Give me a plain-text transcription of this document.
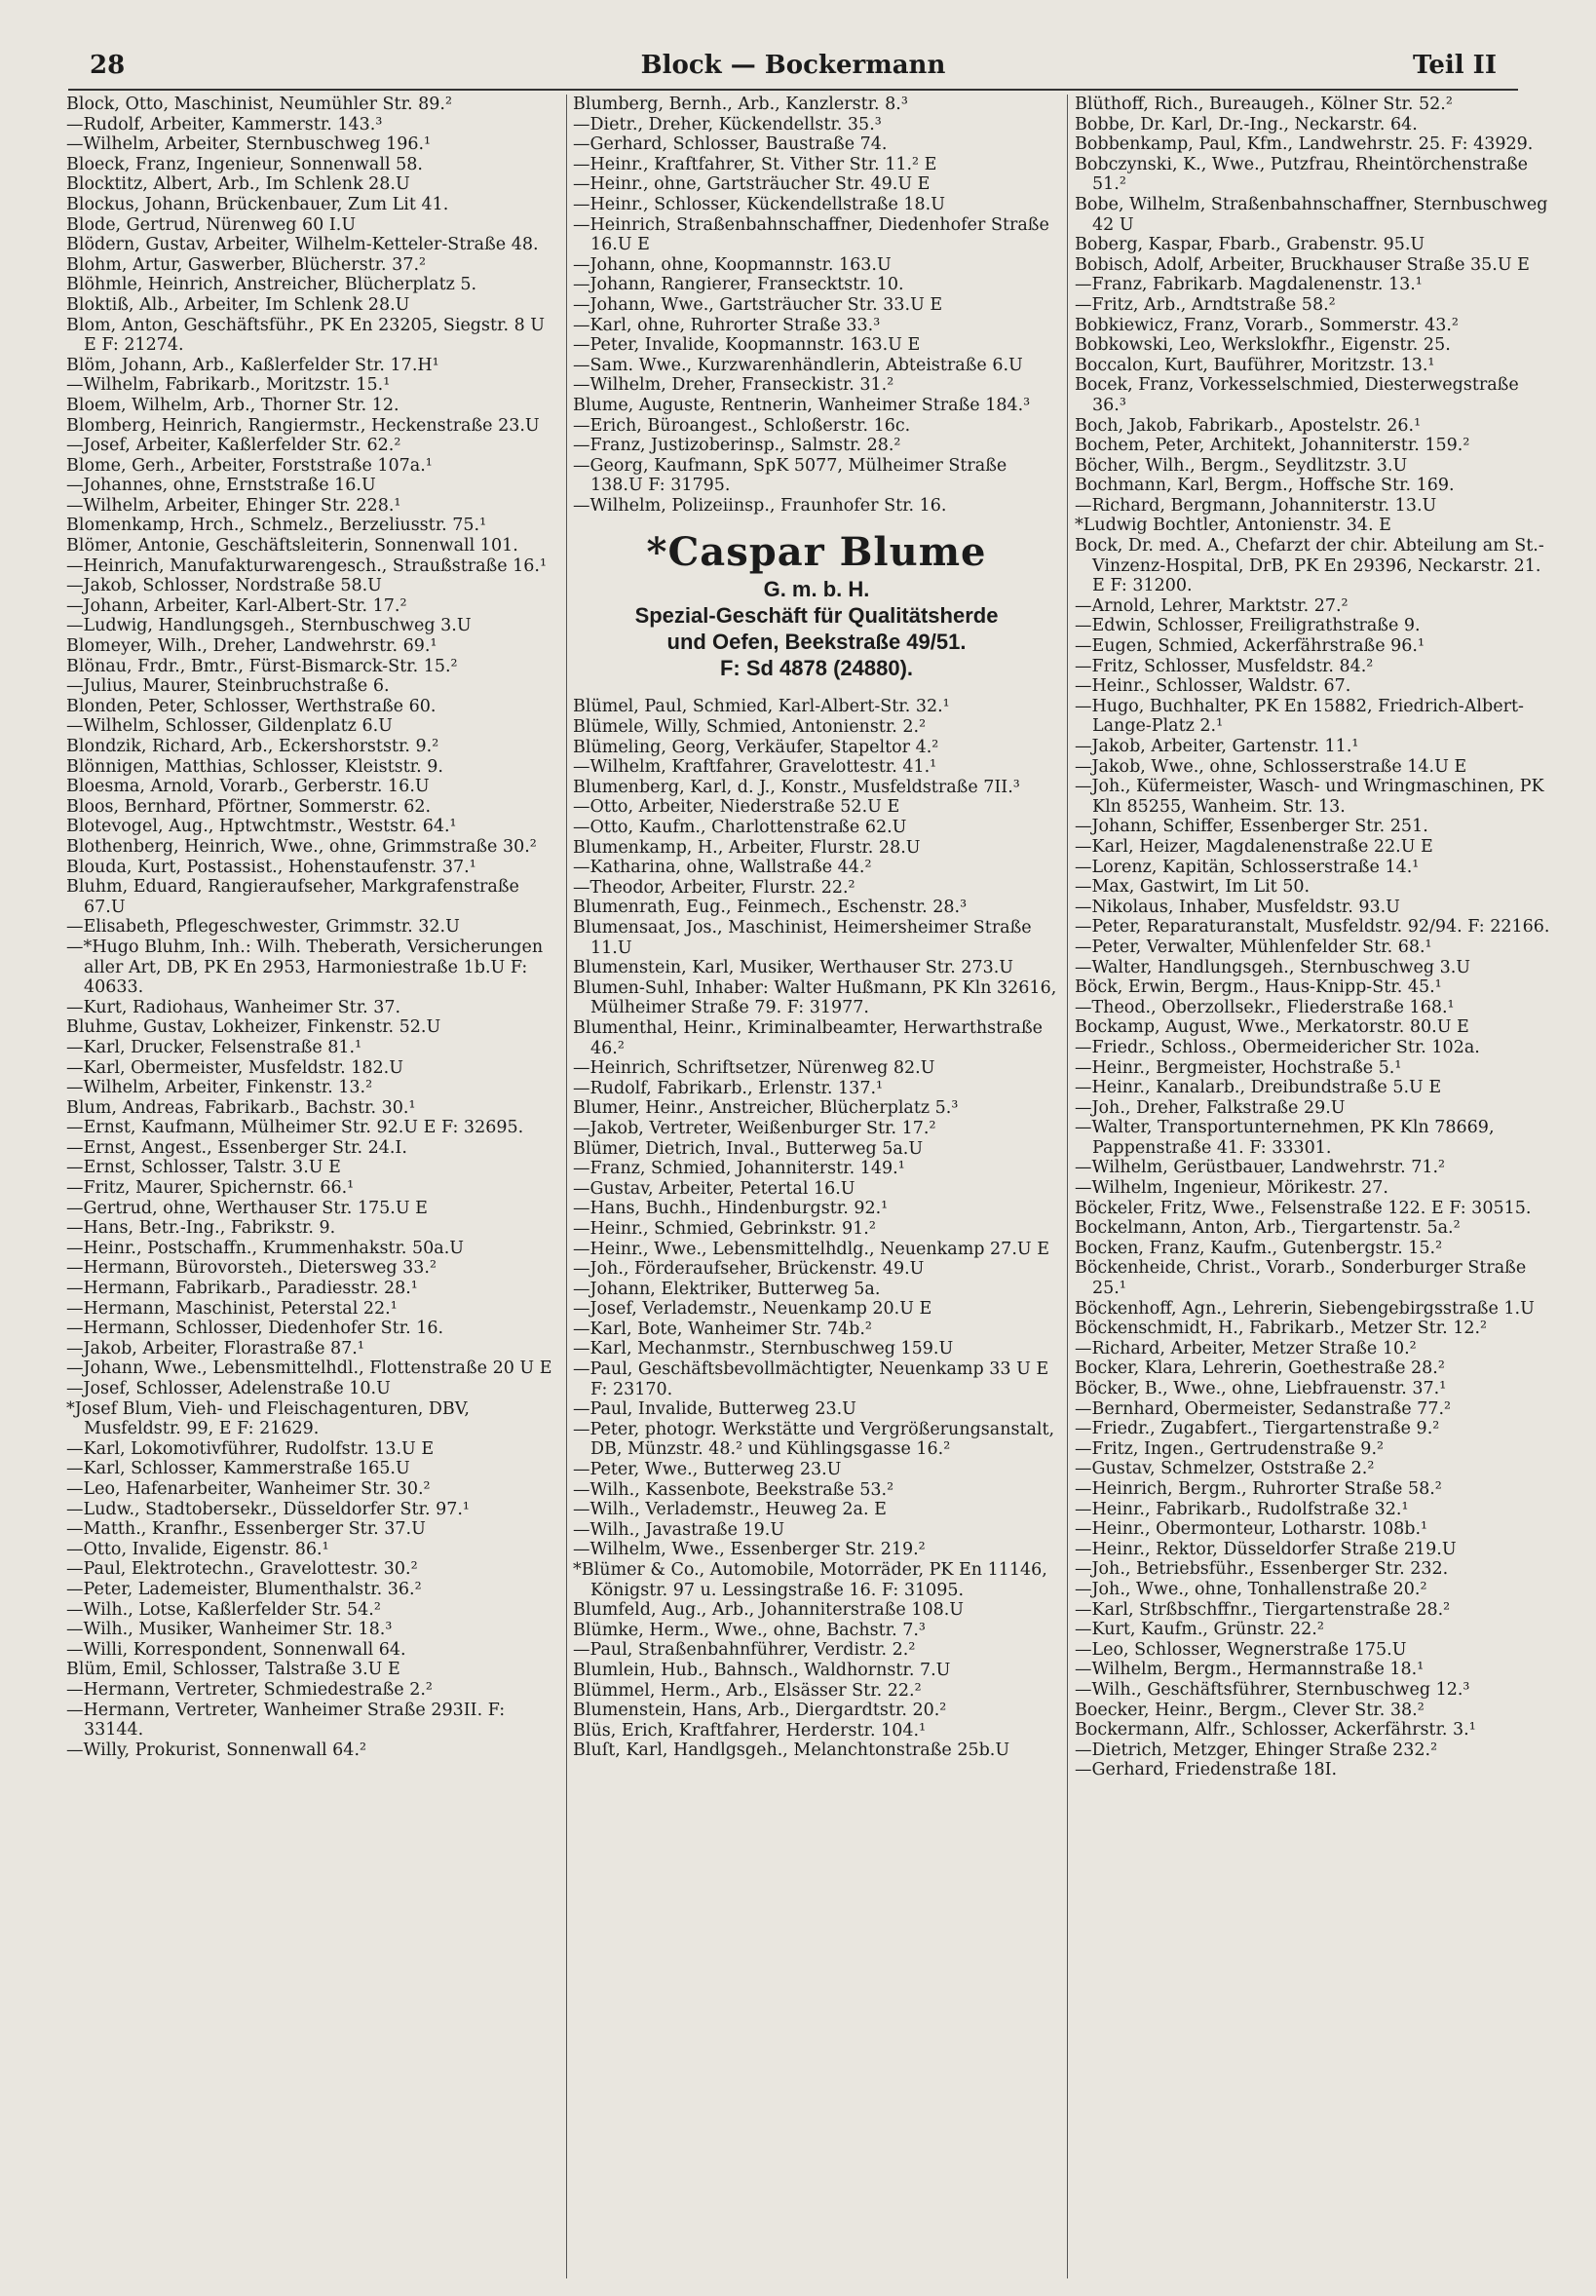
28	Block — Bockermann	Teil II

Block, Otto, Maschinist, Neumühler Str. 89.²

—Rudolf, Arbeiter, Kammerstr. 143.³

—Wilhelm, Arbeiter, Sternbuschweg 196.¹

Bloeck, Franz, Ingenieur, Sonnenwall 58.

Blocktitz, Albert, Arb., Im Schlenk 28.U

Blockus, Johann, Brückenbauer, Zum Lit 41.

Blode, Gertrud, Nürenweg 60 I.U

Blödern, Gustav, Arbeiter, Wilhelm-Ketteler-Straße 48.

Blohm, Artur, Gaswerber, Blücherstr. 37.²

Blöhmle, Heinrich, Anstreicher, Blücherplatz 5.

Bloktiß, Alb., Arbeiter, Im Schlenk 28.U

Blom, Anton, Geschäftsführ., PK En 23205, Siegstr. 8 U E F: 21274.

Blöm, Johann, Arb., Kaßlerfelder Str. 17.H¹

—Wilhelm, Fabrikarb., Moritzstr. 15.¹

Bloem, Wilhelm, Arb., Thorner Str. 12.

Blomberg, Heinrich, Rangiermstr., Heckenstraße 23.U

—Josef, Arbeiter, Kaßlerfelder Str. 62.²

Blome, Gerh., Arbeiter, Forststraße 107a.¹

—Johannes, ohne, Ernststraße 16.U

—Wilhelm, Arbeiter, Ehinger Str. 228.¹

Blomenkamp, Hrch., Schmelz., Berzeliusstr. 75.¹

Blömer, Antonie, Geschäftsleiterin, Sonnenwall 101.

—Heinrich, Manufakturwarengesch., Straußstraße 16.¹

—Jakob, Schlosser, Nordstraße 58.U

—Johann, Arbeiter, Karl-Albert-Str. 17.²

—Ludwig, Handlungsgeh., Sternbuschweg 3.U

Blomeyer, Wilh., Dreher, Landwehrstr. 69.¹

Blönau, Frdr., Bmtr., Fürst-Bismarck-Str. 15.²

—Julius, Maurer, Steinbruchstraße 6.

Blonden, Peter, Schlosser, Werthstraße 60.

—Wilhelm, Schlosser, Gildenplatz 6.U

Blondzik, Richard, Arb., Eckershorststr. 9.²

Blönnigen, Matthias, Schlosser, Kleiststr. 9.

Bloesma, Arnold, Vorarb., Gerberstr. 16.U

Bloos, Bernhard, Pförtner, Sommerstr. 62.

Blotevogel, Aug., Hptwchtmstr., Weststr. 64.¹

Blothenberg, Heinrich, Wwe., ohne, Grimmstraße 30.²

Blouda, Kurt, Postassist., Hohenstaufenstr. 37.¹

Bluhm, Eduard, Rangieraufseher, Markgrafenstraße 67.U

—Elisabeth, Pflegeschwester, Grimmstr. 32.U

—*Hugo Bluhm, Inh.: Wilh. Theberath, Versicherungen aller Art, DB, PK En 2953, Harmoniestraße 1b.U F: 40633.

—Kurt, Radiohaus, Wanheimer Str. 37.

Bluhme, Gustav, Lokheizer, Finkenstr. 52.U

—Karl, Drucker, Felsenstraße 81.¹

—Karl, Obermeister, Musfeldstr. 182.U

—Wilhelm, Arbeiter, Finkenstr. 13.²

Blum, Andreas, Fabrikarb., Bachstr. 30.¹

—Ernst, Kaufmann, Mülheimer Str. 92.U E F: 32695.

—Ernst, Angest., Essenberger Str. 24.I.

—Ernst, Schlosser, Talstr. 3.U E

—Fritz, Maurer, Spichernstr. 66.¹

—Gertrud, ohne, Werthauser Str. 175.U E

—Hans, Betr.-Ing., Fabrikstr. 9.

—Heinr., Postschaffn., Krummenhakstr. 50a.U

—Hermann, Bürovorsteh., Dietersweg 33.²

—Hermann, Fabrikarb., Paradiesstr. 28.¹

—Hermann, Maschinist, Peterstal 22.¹

—Hermann, Schlosser, Diedenhofer Str. 16.

—Jakob, Arbeiter, Florastraße 87.¹

—Johann, Wwe., Lebensmittelhdl., Flottenstraße 20 U E

—Josef, Schlosser, Adelenstraße 10.U

*Josef Blum, Vieh- und Fleischagenturen, DBV, Musfeldstr. 99, E F: 21629.

—Karl, Lokomotivführer, Rudolfstr. 13.U E

—Karl, Schlosser, Kammerstraße 165.U

—Leo, Hafenarbeiter, Wanheimer Str. 30.²

—Ludw., Stadtobersekr., Düsseldorfer Str. 97.¹

—Matth., Kranfhr., Essenberger Str. 37.U

—Otto, Invalide, Eigenstr. 86.¹

—Paul, Elektrotechn., Gravelottestr. 30.²

—Peter, Lademeister, Blumenthalstr. 36.²

—Wilh., Lotse, Kaßlerfelder Str. 54.²

—Wilh., Musiker, Wanheimer Str. 18.³

—Willi, Korrespondent, Sonnenwall 64.

Blüm, Emil, Schlosser, Talstraße 3.U E

—Hermann, Vertreter, Schmiedestraße 2.²

—Hermann, Vertreter, Wanheimer Straße 293II. F: 33144.

—Willy, Prokurist, Sonnenwall 64.²

Blumberg, Bernh., Arb., Kanzlerstr. 8.³

—Dietr., Dreher, Kückendellstr. 35.³

—Gerhard, Schlosser, Baustraße 74.

—Heinr., Kraftfahrer, St. Vither Str. 11.² E

—Heinr., ohne, Gartsträucher Str. 49.U E

—Heinr., Schlosser, Kückendellstraße 18.U

—Heinrich, Straßenbahnschaffner, Diedenhofer Straße 16.U E

—Johann, ohne, Koopmannstr. 163.U

—Johann, Rangierer, Fransecktstr. 10.

—Johann, Wwe., Gartsträucher Str. 33.U E

—Karl, ohne, Ruhrorter Straße 33.³

—Peter, Invalide, Koopmannstr. 163.U E

—Sam. Wwe., Kurzwarenhändlerin, Abteistraße 6.U

—Wilhelm, Dreher, Franseckistr. 31.²

Blume, Auguste, Rentnerin, Wanheimer Straße 184.³

—Erich, Büroangest., Schloßerstr. 16c.

—Franz, Justizoberinsp., Salmstr. 28.²

—Georg, Kaufmann, SpK 5077, Mülheimer Straße 138.U F: 31795.

—Wilhelm, Polizeiinsp., Fraunhofer Str. 16.

*Caspar Blume
G. m. b. H.
Spezial-Geschäft für Qualitätsherde
und Oefen, Beekstraße 49/51.
F: Sd 4878 (24880).

Blümel, Paul, Schmied, Karl-Albert-Str. 32.¹

Blümele, Willy, Schmied, Antonienstr. 2.²

Blümeling, Georg, Verkäufer, Stapeltor 4.²

—Wilhelm, Kraftfahrer, Gravelottestr. 41.¹

Blumenberg, Karl, d. J., Konstr., Musfeldstraße 7II.³

—Otto, Arbeiter, Niederstraße 52.U E

—Otto, Kaufm., Charlottenstraße 62.U

Blumenkamp, H., Arbeiter, Flurstr. 28.U

—Katharina, ohne, Wallstraße 44.²

—Theodor, Arbeiter, Flurstr. 22.²

Blumenrath, Eug., Feinmech., Eschenstr. 28.³

Blumensaat, Jos., Maschinist, Heimersheimer Straße 11.U

Blumenstein, Karl, Musiker, Werthauser Str. 273.U

Blumen-Suhl, Inhaber: Walter Hußmann, PK Kln 32616, Mülheimer Straße 79. F: 31977.

Blumenthal, Heinr., Kriminalbeamter, Herwarthstraße 46.²

—Heinrich, Schriftsetzer, Nürenweg 82.U

—Rudolf, Fabrikarb., Erlenstr. 137.¹

Blumer, Heinr., Anstreicher, Blücherplatz 5.³

—Jakob, Vertreter, Weißenburger Str. 17.²

Blümer, Dietrich, Inval., Butterweg 5a.U

—Franz, Schmied, Johanniterstr. 149.¹

—Gustav, Arbeiter, Petertal 16.U

—Hans, Buchh., Hindenburgstr. 92.¹

—Heinr., Schmied, Gebrinkstr. 91.²

—Heinr., Wwe., Lebensmittelhdlg., Neuenkamp 27.U E

—Joh., Förderaufseher, Brückenstr. 49.U

—Johann, Elektriker, Butterweg 5a.

—Josef, Verlademstr., Neuenkamp 20.U E

—Karl, Bote, Wanheimer Str. 74b.²

—Karl, Mechanmstr., Sternbuschweg 159.U

—Paul, Geschäftsbevollmächtigter, Neuenkamp 33 U E F: 23170.

—Paul, Invalide, Butterweg 23.U

—Peter, photogr. Werkstätte und Vergrößerungsanstalt, DB, Münzstr. 48.² und Kühlingsgasse 16.²

—Peter, Wwe., Butterweg 23.U

—Wilh., Kassenbote, Beekstraße 53.²

—Wilh., Verlademstr., Heuweg 2a. E

—Wilh., Javastraße 19.U

—Wilhelm, Wwe., Essenberger Str. 219.²

*Blümer & Co., Automobile, Motorräder, PK En 11146, Königstr. 97 u. Lessingstraße 16. F: 31095.

Blumfeld, Aug., Arb., Johanniterstraße 108.U

Blümke, Herm., Wwe., ohne, Bachstr. 7.³

—Paul, Straßenbahnführer, Verdistr. 2.²

Blumlein, Hub., Bahnsch., Waldhornstr. 7.U

Blümmel, Herm., Arb., Elsässer Str. 22.²

Blumenstein, Hans, Arb., Diergardtstr. 20.²

Blüs, Erich, Kraftfahrer, Herderstr. 104.¹

Bluſt, Karl, Handlgsgeh., Melanchtonstraße 25b.U

Blüthoff, Rich., Bureaugeh., Kölner Str. 52.²

Bobbe, Dr. Karl, Dr.-Ing., Neckarstr. 64.

Bobbenkamp, Paul, Kfm., Landwehrstr. 25. F: 43929.

Bobczynski, K., Wwe., Putzfrau, Rheintörchenstraße 51.²

Bobe, Wilhelm, Straßenbahnschaffner, Sternbuschweg 42 U

Boberg, Kaspar, Fbarb., Grabenstr. 95.U

Bobisch, Adolf, Arbeiter, Bruckhauser Straße 35.U E

—Franz, Fabrikarb. Magdalenenstr. 13.¹

—Fritz, Arb., Arndtstraße 58.²

Bobkiewicz, Franz, Vorarb., Sommerstr. 43.²

Bobkowski, Leo, Werkslokfhr., Eigenstr. 25.

Boccalon, Kurt, Bauführer, Moritzstr. 13.¹

Bocek, Franz, Vorkesselschmied, Diesterwegstraße 36.³

Boch, Jakob, Fabrikarb., Apostelstr. 26.¹

Bochem, Peter, Architekt, Johanniterstr. 159.²

Böcher, Wilh., Bergm., Seydlitzstr. 3.U

Bochmann, Karl, Bergm., Hoffsche Str. 169.

—Richard, Bergmann, Johanniterstr. 13.U

*Ludwig Bochtler, Antonienstr. 34. E

Bock, Dr. med. A., Chefarzt der chir. Abteilung am St.-Vinzenz-Hospital, DrB, PK En 29396, Neckarstr. 21. E F: 31200.

—Arnold, Lehrer, Marktstr. 27.²

—Edwin, Schlosser, Freiligrathstraße 9.

—Eugen, Schmied, Ackerfährstraße 96.¹

—Fritz, Schlosser, Musfeldstr. 84.²

—Heinr., Schlosser, Waldstr. 67.

—Hugo, Buchhalter, PK En 15882, Friedrich-Albert-Lange-Platz 2.¹

—Jakob, Arbeiter, Gartenstr. 11.¹

—Jakob, Wwe., ohne, Schlosserstraße 14.U E

—Joh., Küfermeister, Wasch- und Wringmaschinen, PK Kln 85255, Wanheim. Str. 13.

—Johann, Schiffer, Essenberger Str. 251.

—Karl, Heizer, Magdalenenstraße 22.U E

—Lorenz, Kapitän, Schlosserstraße 14.¹

—Max, Gastwirt, Im Lit 50.

—Nikolaus, Inhaber, Musfeldstr. 93.U

—Peter, Reparaturanstalt, Musfeldstr. 92/94. F: 22166.

—Peter, Verwalter, Mühlenfelder Str. 68.¹

—Walter, Handlungsgeh., Sternbuschweg 3.U

Böck, Erwin, Bergm., Haus-Knipp-Str. 45.¹

—Theod., Oberzollsekr., Fliederstraße 168.¹

Bockamp, August, Wwe., Merkatorstr. 80.U E

—Friedr., Schloss., Obermeidericher Str. 102a.

—Heinr., Bergmeister, Hochstraße 5.¹

—Heinr., Kanalarb., Dreibundstraße 5.U E

—Joh., Dreher, Falkstraße 29.U

—Walter, Transportunternehmen, PK Kln 78669, Pappenstraße 41. F: 33301.

—Wilhelm, Gerüstbauer, Landwehrstr. 71.²

—Wilhelm, Ingenieur, Mörikestr. 27.

Böckeler, Fritz, Wwe., Felsenstraße 122. E F: 30515.

Bockelmann, Anton, Arb., Tiergartenstr. 5a.²

Bocken, Franz, Kaufm., Gutenbergstr. 15.²

Böckenheide, Christ., Vorarb., Sonderburger Straße 25.¹

Böckenhoff, Agn., Lehrerin, Siebengebirgsstraße 1.U

Böckenschmidt, H., Fabrikarb., Metzer Str. 12.²

—Richard, Arbeiter, Metzer Straße 10.²

Bocker, Klara, Lehrerin, Goethestraße 28.²

Böcker, B., Wwe., ohne, Liebfrauenstr. 37.¹

—Bernhard, Obermeister, Sedanstraße 77.²

—Friedr., Zugabfert., Tiergartenstraße 9.²

—Fritz, Ingen., Gertrudenstraße 9.²

—Gustav, Schmelzer, Oststraße 2.²

—Heinrich, Bergm., Ruhrorter Straße 58.²

—Heinr., Fabrikarb., Rudolfstraße 32.¹

—Heinr., Obermonteur, Lotharstr. 108b.¹

—Heinr., Rektor, Düsseldorfer Straße 219.U

—Joh., Betriebsführ., Essenberger Str. 232.

—Joh., Wwe., ohne, Tonhallenstraße 20.²

—Karl, Strßbschffnr., Tiergartenstraße 28.²

—Kurt, Kaufm., Grünstr. 22.²

—Leo, Schlosser, Wegnerstraße 175.U

—Wilhelm, Bergm., Hermannstraße 18.¹

—Wilh., Geschäftsführer, Sternbuschweg 12.³

Boecker, Heinr., Bergm., Clever Str. 38.²

Bockermann, Alfr., Schlosser, Ackerfährstr. 3.¹

—Dietrich, Metzger, Ehinger Straße 232.²

—Gerhard, Friedenstraße 18I.
